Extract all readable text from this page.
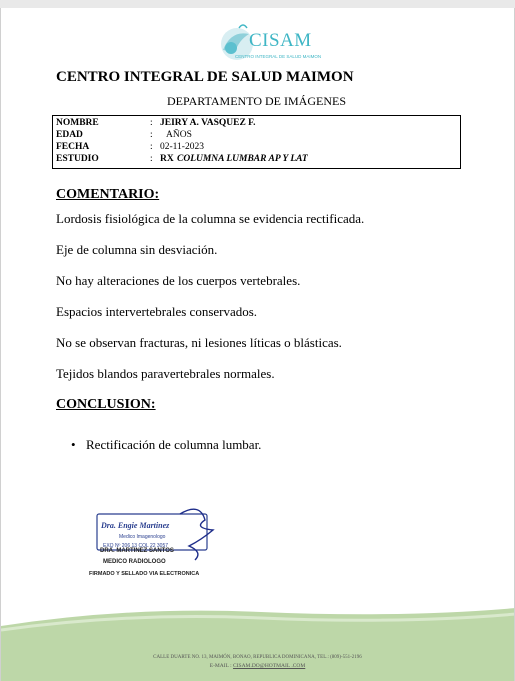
CISAM
CENTRO INTEGRAL DE SALUD MAIMON
CENTRO INTEGRAL DE SALUD MAIMON
DEPARTAMENTO DE IMÁGENES
NOMBRE	: JEIRY A. VASQUEZ F.
EDAD	: AÑOS
FECHA	: 02-11-2023
ESTUDIO	: RX COLUMNA LUMBAR AP Y LAT
COMENTARIO:
Lordosis fisiológica de la columna se evidencia rectificada.
Eje de columna sin desviación.
No hay alteraciones de los cuerpos vertebrales.
Espacios intervertebrales conservados.
No se observan fracturas, ni lesiones líticas o blásticas.
Tejidos blandos paravertebrales normales.
CONCLUSION:
• Rectificación de columna lumbar.
Dra. Engie Martinez
Medico Imagenologo
EXQ Nº 206 13 COL 22 3057
DRA. MARTINEZ SANTOS
MEDICO RADIOLOGO
FIRMADO Y SELLADO VIA ELECTRONICA
CALLE DUARTE NO. 13, MAIMÓN, BONAO, REPUBLICA DOMINICANA, TEL.: (809)-551-2196
E-MAIL : CISAM.DO@HOTMAIL .COM
